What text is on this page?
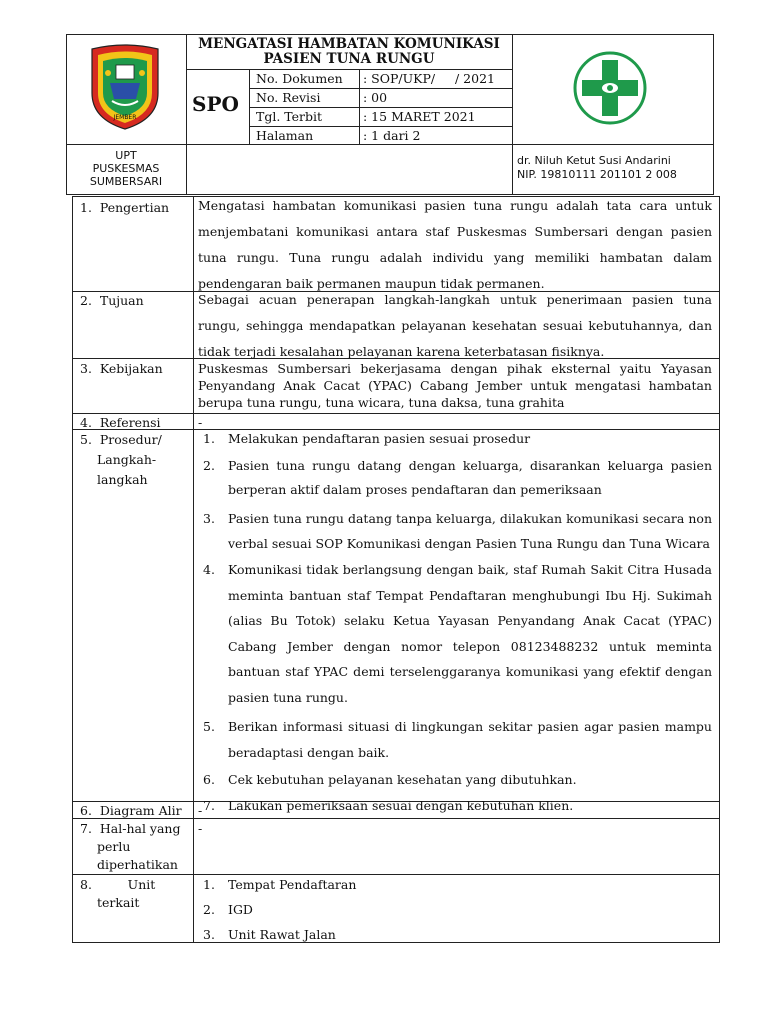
JEMBER
MENGATASI HAMBATAN KOMUNIKASI
PASIEN TUNA RUNGU
SPO
No. Dokumen : SOP/UKP/     / 2021
No. Revisi	: 00
Tgl. Terbit	: 15 MARET 2021
Halaman	: 1 dari 2
UPT
PUSKESMAS
SUMBERSARI
dr. Niluh Ketut Susi Andarini
NIP. 19810111 201101 2 008
1.  Pengertian Mengatasi hambatan komunikasi pasien tuna rungu adalah tata cara untuk menjembatani komunikasi antara staf Puskesmas Sumbersari dengan pasien tuna rungu. Tuna rungu adalah individu yang memiliki hambatan dalam pendengaran baik permanen maupun tidak permanen.
2.  Tujuan	Sebagai acuan penerapan langkah-langkah untuk penerimaan pasien tuna rungu, sehingga mendapatkan pelayanan kesehatan sesuai kebutuhannya, dan tidak terjadi kesalahan pelayanan karena keterbatasan fisiknya.
3.  Kebijakan	Puskesmas Sumbersari bekerjasama dengan pihak eksternal yaitu Yayasan Penyandang Anak Cacat (YPAC) Cabang Jember untuk mengatasi hambatan berupa tuna rungu, tuna wicara, tuna daksa, tuna grahita
4.  Referensi	-
5.  Prosedur/
Langkah-
langkah
1. Melakukan pendaftaran pasien sesuai prosedur
2. Pasien tuna rungu datang dengan keluarga, disarankan keluarga pasien berperan aktif dalam proses pendaftaran dan pemeriksaan
3. Pasien tuna rungu datang tanpa keluarga, dilakukan komunikasi secara non verbal sesuai SOP Komunikasi dengan Pasien Tuna Rungu dan Tuna Wicara
4. Komunikasi tidak berlangsung dengan baik, staf Rumah Sakit Citra Husada meminta bantuan staf Tempat Pendaftaran menghubungi Ibu Hj. Sukimah (alias Bu Totok) selaku Ketua Yayasan Penyandang Anak Cacat (YPAC) Cabang Jember dengan nomor telepon 08123488232 untuk meminta bantuan staf YPAC demi terselenggaranya komunikasi yang efektif dengan pasien tuna rungu.
5. Berikan informasi situasi di lingkungan sekitar pasien agar pasien mampu beradaptasi dengan baik.
6. Cek kebutuhan pelayanan kesehatan yang dibutuhkan.
7. Lakukan pemeriksaan sesuai dengan kebutuhan klien.
6.  Diagram Alir -
7.  Hal-hal yang
perlu
diperhatikan
-
8.         Unit
terkait
1. Tempat Pendaftaran
2. IGD
3. Unit Rawat Jalan
